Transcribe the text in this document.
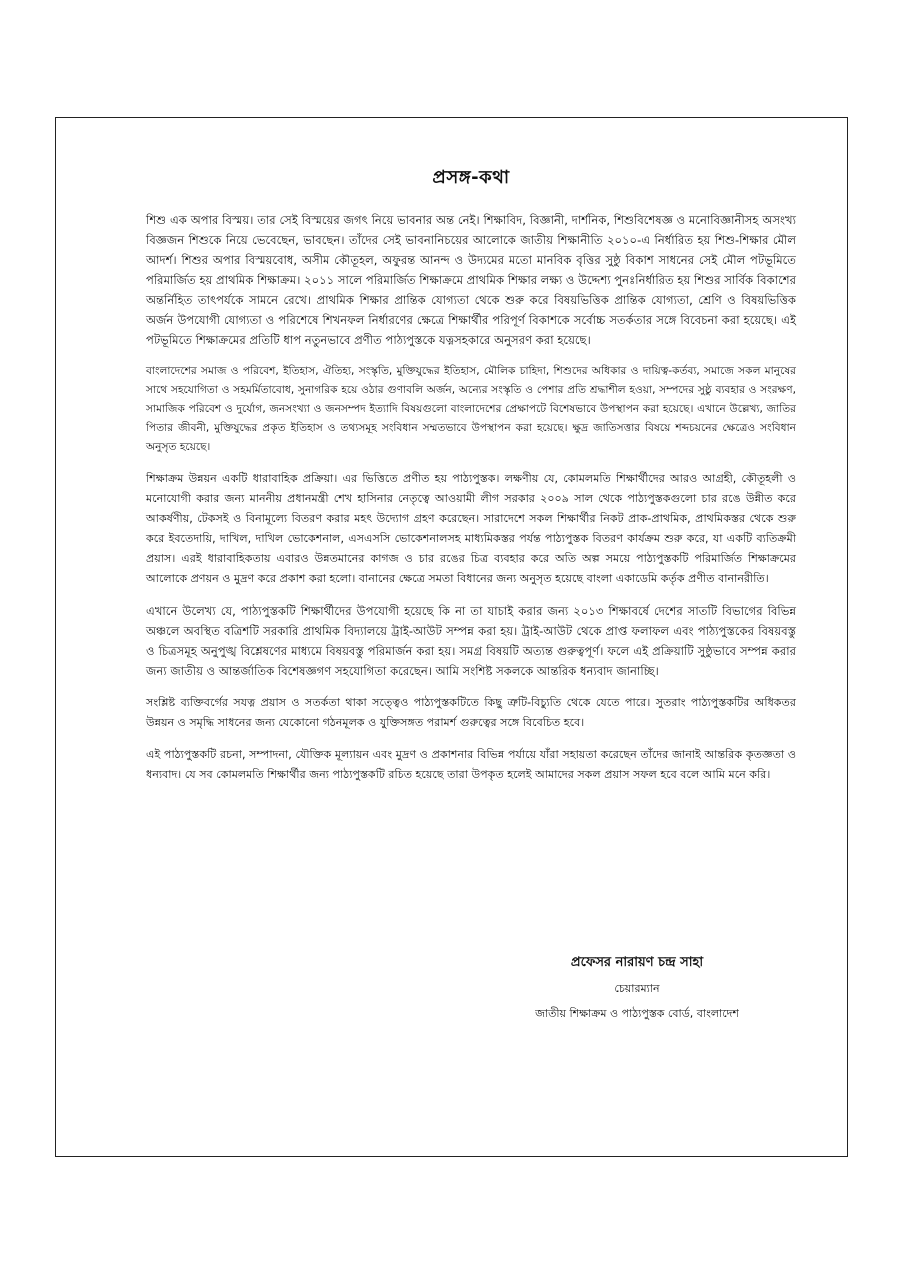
প্রসঙ্গ-কথা

শিশু এক অপার বিস্ময়। তার সেই বিস্ময়ের জগৎ নিয়ে ভাবনার অন্ত নেই। শিক্ষাবিদ, বিজ্ঞানী, দার্শনিক, শিশুবিশেষজ্ঞ ও মনোবিজ্ঞানীসহ অসংখ্য বিজ্ঞজন শিশুকে নিয়ে ভেবেছেন, ভাবছেন। তাঁদের সেই ভাবনানিচয়ের আলোকে জাতীয় শিক্ষানীতি ২০১০-এ নির্ধারিত হয় শিশু-শিক্ষার মৌল আদর্শ। শিশুর অপার বিস্ময়বোধ, অসীম কৌতূহল, অফুরন্ত আনন্দ ও উদ্যমের মতো মানবিক বৃত্তির সুষ্ঠু বিকাশ সাধনের সেই মৌল পটভূমিতে পরিমার্জিত হয় প্রাথমিক শিক্ষাক্রম। ২০১১ সালে পরিমার্জিত শিক্ষাক্রমে প্রাথমিক শিক্ষার লক্ষ্য ও উদ্দেশ্য পুনঃনির্ধারিত হয় শিশুর সার্বিক বিকাশের অন্তর্নিহিত তাৎপর্যকে সামনে রেখে। প্রাথমিক শিক্ষার প্রান্তিক যোগ্যতা থেকে শুরু করে বিষয়ভিত্তিক প্রান্তিক যোগ্যতা, শ্রেণি ও বিষয়ভিত্তিক অর্জন উপযোগী যোগ্যতা ও পরিশেষে শিখনফল নির্ধারণের ক্ষেত্রে শিক্ষার্থীর পরিপূর্ণ বিকাশকে সর্বোচ্চ সতর্কতার সঙ্গে বিবেচনা করা হয়েছে। এই পটভূমিতে শিক্ষাক্রমের প্রতিটি ধাপ নতুনভাবে প্রণীত পাঠ্যপুস্তকে যত্নসহকারে অনুসরণ করা হয়েছে।

বাংলাদেশের সমাজ ও পরিবেশ, ইতিহাস, ঐতিহ্য, সংস্কৃতি, মুক্তিযুদ্ধের ইতিহাস, মৌলিক চাহিদা, শিশুদের অধিকার ও দায়িত্ব-কর্তব্য, সমাজে সকল মানুষের সাথে সহযোগিতা ও সহমর্মিতাবোধ, সুনাগরিক হয়ে ওঠার গুণাবলি অর্জন, অন্যের সংস্কৃতি ও পেশার প্রতি শ্রদ্ধাশীল হওয়া, সম্পদের সুষ্ঠু ব্যবহার ও সংরক্ষণ, সামাজিক পরিবেশ ও দুর্যোগ, জনসংখ্যা ও জনসম্পদ ইত্যাদি বিষয়গুলো বাংলাদেশের প্রেক্ষাপটে বিশেষভাবে উপস্থাপন করা হয়েছে। এখানে উল্লেখ্য, জাতির পিতার জীবনী, মুক্তিযুদ্ধের প্রকৃত ইতিহাস ও তথ্যসমূহ সংবিধান সম্মতভাবে উপস্থাপন করা হয়েছে। ক্ষুদ্র জাতিসত্তার বিষয়ে শব্দচয়নের ক্ষেত্রেও সংবিধান অনুসৃত হয়েছে।

শিক্ষাক্রম উন্নয়ন একটি ধারাবাহিক প্রক্রিয়া। এর ভিত্তিতে প্রণীত হয় পাঠ্যপুস্তক। লক্ষণীয় যে, কোমলমতি শিক্ষার্থীদের আরও আগ্রহী, কৌতূহলী ও মনোযোগী করার জন্য মাননীয় প্রধানমন্ত্রী শেখ হাসিনার নেতৃত্বে আওয়ামী লীগ সরকার ২০০৯ সাল থেকে পাঠ্যপুস্তকগুলো চার রঙে উন্নীত করে আকর্ষণীয়, টেকসই ও বিনামূল্যে বিতরণ করার মহৎ উদ্যোগ গ্রহণ করেছেন। সারাদেশে সকল শিক্ষার্থীর নিকট প্রাক-প্রাথমিক, প্রাথমিকস্তর থেকে শুরু করে ইবতেদায়ি, দাখিল, দাখিল ভোকেশনাল, এসএসসি ভোকেশনালসহ মাধ্যমিকস্তর পর্যন্ত পাঠ্যপুস্তক বিতরণ কার্যক্রম শুরু করে, যা একটি ব্যতিক্রমী প্রয়াস। এরই ধারাবাহিকতায় এবারও উন্নতমানের কাগজ ও চার রঙের চিত্র ব্যবহার করে অতি অল্প সময়ে পাঠ্যপুস্তকটি পরিমার্জিত শিক্ষাক্রমের আলোকে প্রণয়ন ও মুদ্রণ করে প্রকাশ করা হলো। বানানের ক্ষেত্রে সমতা বিধানের জন্য অনুসৃত হয়েছে বাংলা একাডেমি কর্তৃক প্রণীত বানানরীতি।

এখানে উলেখ্য যে, পাঠ্যপুস্তকটি শিক্ষার্থীদের উপযোগী হয়েছে কি না তা যাচাই করার জন্য ২০১৩ শিক্ষাবর্ষে দেশের সাতটি বিভাগের বিভিন্ন অঞ্চলে অবস্থিত বত্রিশটি সরকারি প্রাথমিক বিদ্যালয়ে ট্রাই-আউট সম্পন্ন করা হয়। ট্রাই-আউট থেকে প্রাপ্ত ফলাফল এবং পাঠ্যপুস্তকের বিষয়বস্তু ও চিত্রসমূহ অনুপুঙ্খ বিশ্লেষণের মাধ্যমে বিষয়বস্তু পরিমার্জন করা হয়। সমগ্র বিষয়টি অত্যন্ত গুরুত্বপূর্ণ। ফলে এই প্রক্রিয়াটি সুষ্ঠুভাবে সম্পন্ন করার জন্য জাতীয় ও আন্তর্জাতিক বিশেষজ্ঞগণ সহযোগিতা করেছেন। আমি সংশিষ্ট সকলকে আন্তরিক ধন্যবাদ জানাচ্ছি।

সংশ্লিষ্ট ব্যক্তিবর্গের সযত্ন প্রয়াস ও সতর্কতা থাকা সত্ত্বেও পাঠ্যপুস্তকটিতে কিছু ত্রুটি-বিচ্যুতি থেকে যেতে পারে। সুতরাং পাঠ্যপুস্তকটির অধিকতর উন্নয়ন ও সমৃদ্ধি সাধনের জন্য যেকোনো গঠনমূলক ও যুক্তিসঙ্গত পরামর্শ গুরুত্বের সঙ্গে বিবেচিত হবে।

এই পাঠ্যপুস্তকটি রচনা, সম্পাদনা, যৌক্তিক মূল্যায়ন এবং মুদ্রণ ও প্রকাশনার বিভিন্ন পর্যায়ে যাঁরা সহায়তা করেছেন তাঁদের জানাই আন্তরিক কৃতজ্ঞতা ও ধন্যবাদ। যে সব কোমলমতি শিক্ষার্থীর জন্য পাঠ্যপুস্তকটি রচিত হয়েছে তারা উপকৃত হলেই আমাদের সকল প্রয়াস সফল হবে বলে আমি মনে করি।

প্রফেসর নারায়ণ চন্দ্র সাহা
চেয়ারম্যান
জাতীয় শিক্ষাক্রম ও পাঠ্যপুস্তক বোর্ড, বাংলাদেশ
